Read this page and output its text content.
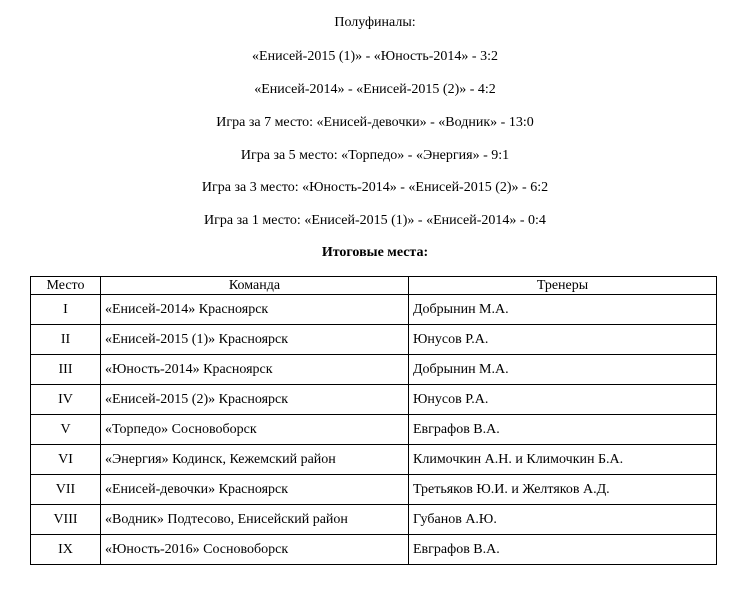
Полуфиналы:
«Енисей-2015 (1)» - «Юность-2014» - 3:2
«Енисей-2014» - «Енисей-2015 (2)» - 4:2
Игра за 7 место: «Енисей-девочки» - «Водник» - 13:0
Игра за 5 место: «Торпедо» - «Энергия» - 9:1
Игра за 3 место: «Юность-2014» - «Енисей-2015 (2)» - 6:2
Игра за 1 место: «Енисей-2015 (1)» - «Енисей-2014» - 0:4
Итоговые места:
Место	Команда	Тренеры
I	«Енисей-2014» Красноярск	Добрынин М.А.
II	«Енисей-2015 (1)» Красноярск	Юнусов Р.А.
III	«Юность-2014» Красноярск	Добрынин М.А.
IV	«Енисей-2015 (2)» Красноярск	Юнусов Р.А.
V	«Торпедо» Сосновоборск	Евграфов В.А.
VI	«Энергия» Кодинск, Кежемский район	Климочкин А.Н. и Климочкин Б.А.
VII	«Енисей-девочки» Красноярск	Третьяков Ю.И. и Желтяков А.Д.
VIII	«Водник» Подтесово, Енисейский район	Губанов А.Ю.
IX	«Юность-2016» Сосновоборск	Евграфов В.А.
